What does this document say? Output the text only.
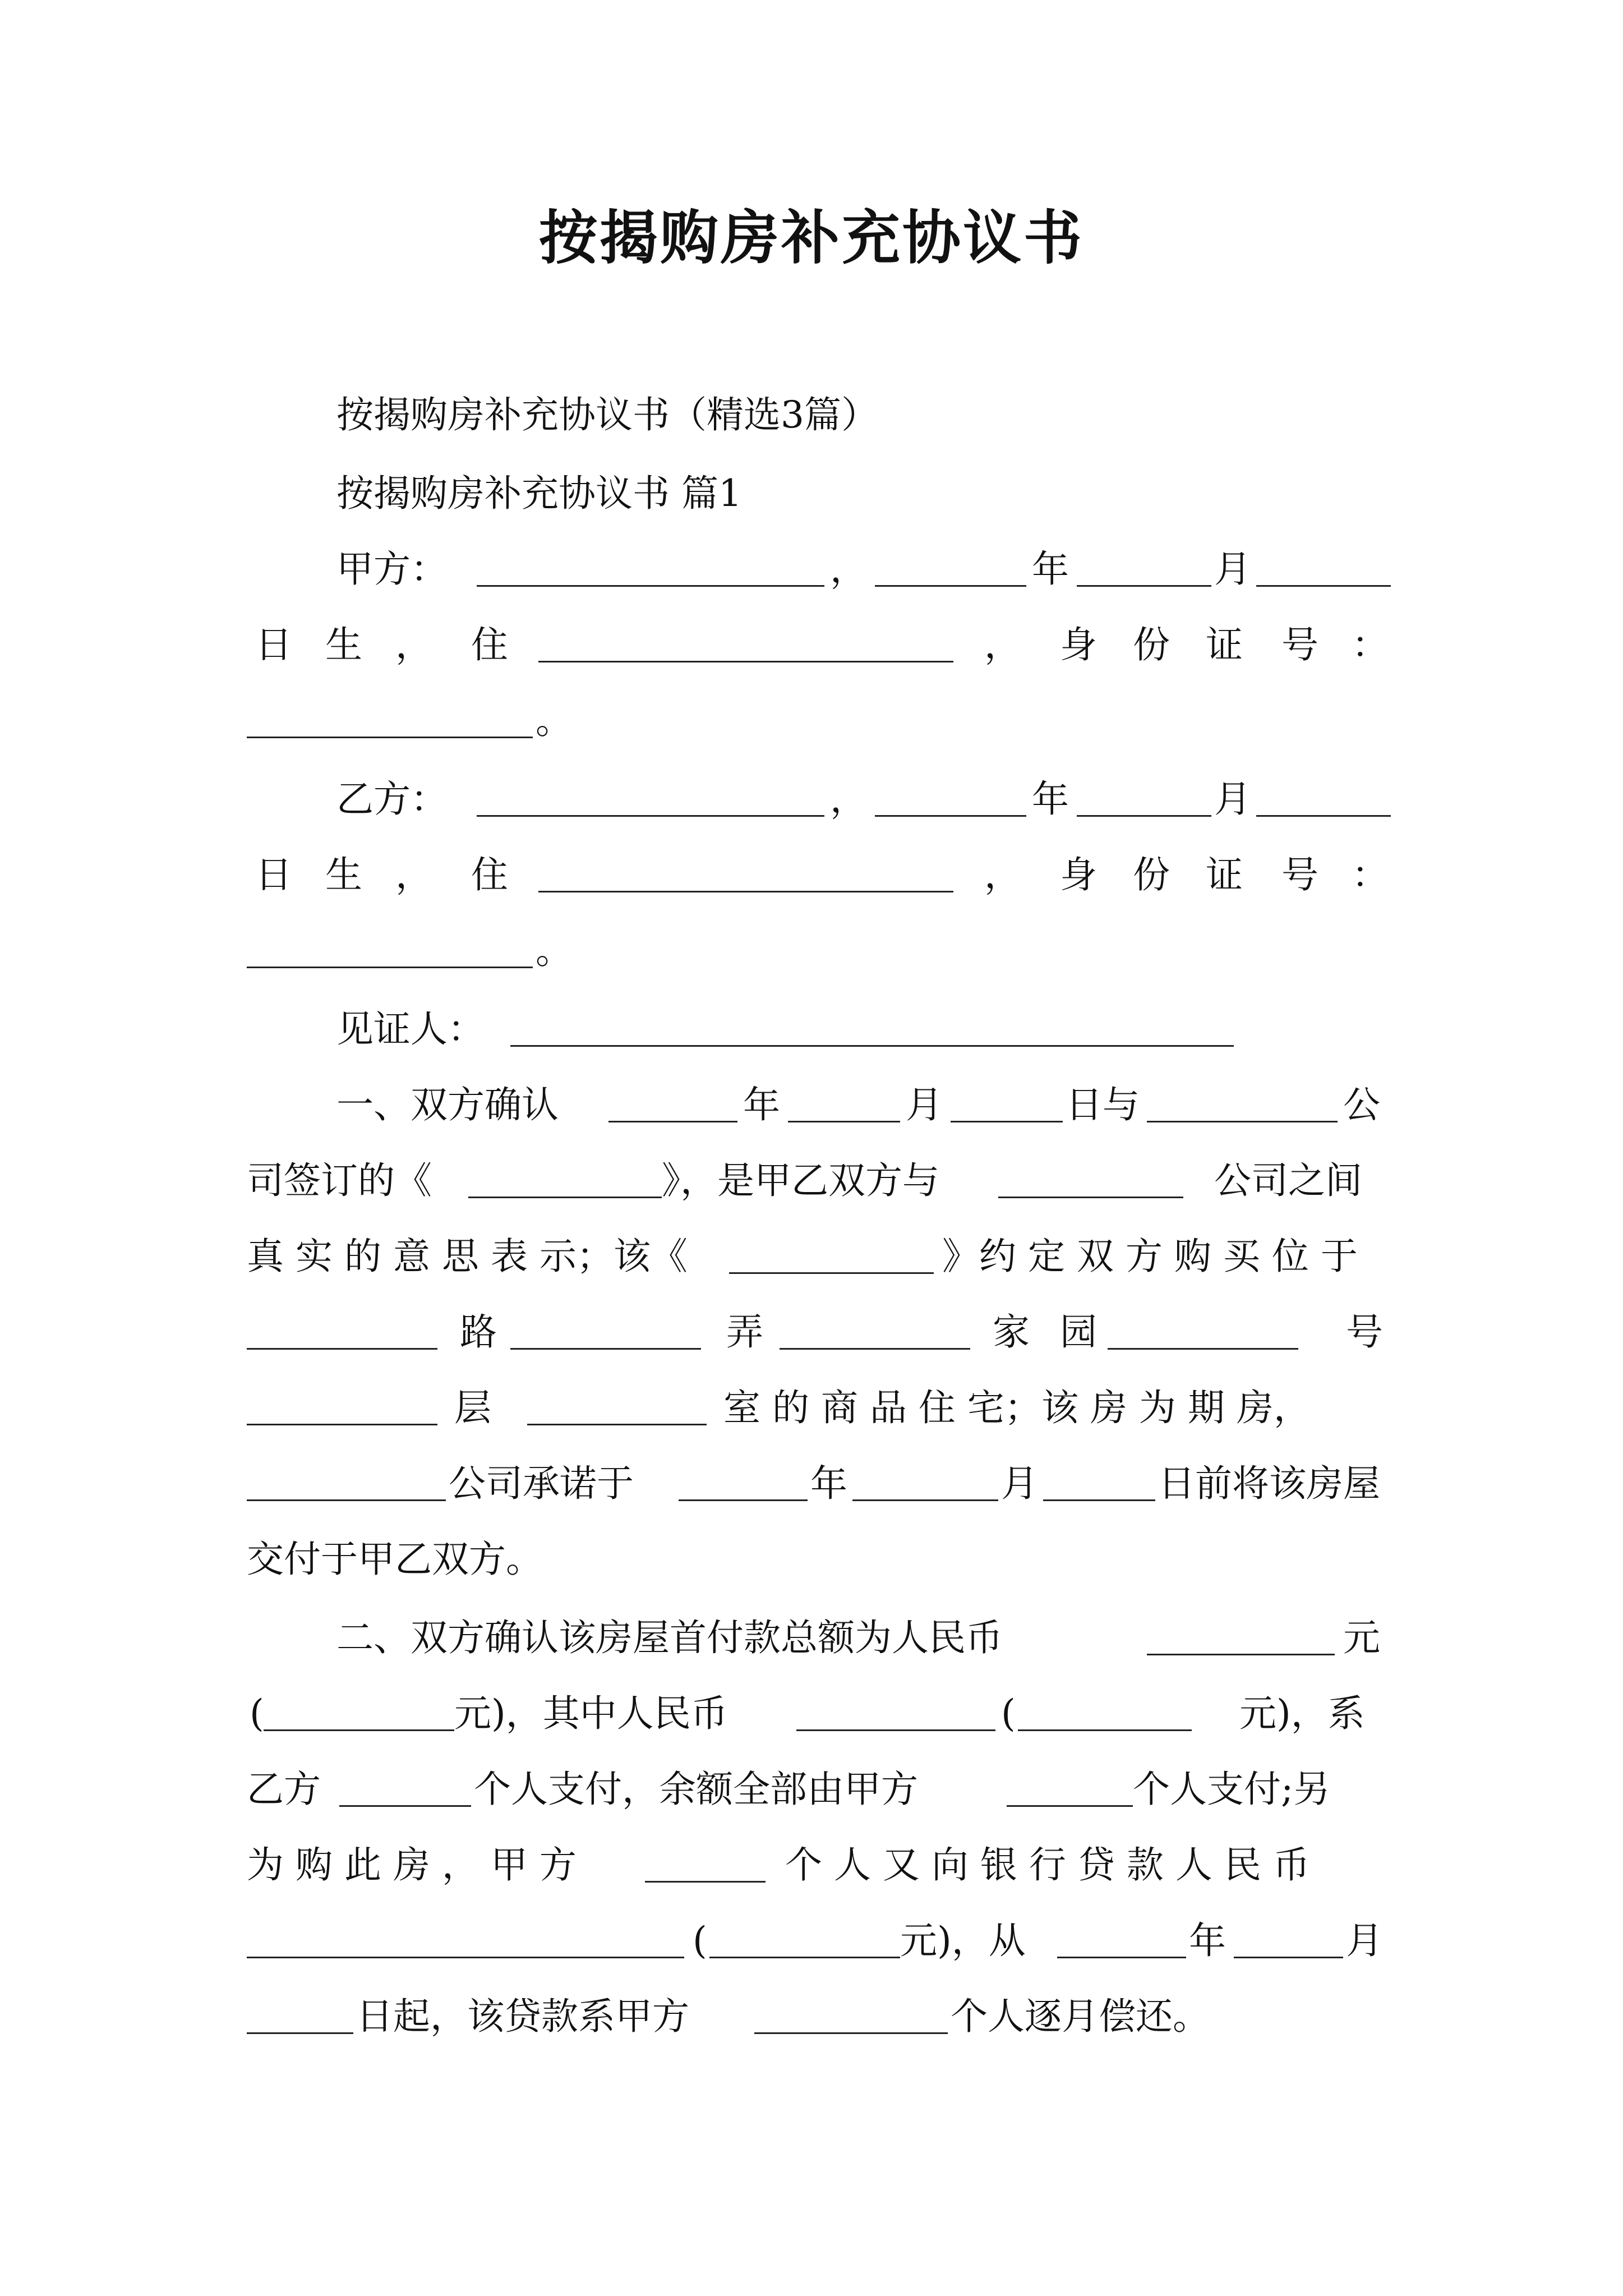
按揭购房补充协议书
按揭购房补充协议书（精选3篇）
按揭购房补充协议书 篇1
甲方：	，	年	月
日 生 ， 住	， 身 份 证 号 ：
。
乙方：	，	年	月
日 生 ， 住	， 身 份 证 号 ：
。
见证人：
一、双方确认	年	月	日与	公
司签订的《	》，是甲乙双方与	公司之间
真 实 的 意 思 表 示；该《	》约 定 双 方 购 买 位 于
路	弄	家 园	号
层	室 的 商 品 住 宅；该 房 为 期 房，
公司承诺于	年	月	日前将该房屋
交付于甲乙双方。
二、双方确认该房屋首付款总额为人民币	元
(	元)，其中人民币	(	元)，系
乙方	个人支付，余额全部由甲方	个人支付;另
为 购 此 房 ， 甲 方	个 人 又 向 银 行 贷 款 人 民 币
(	元)，从	年	月
日起，该贷款系甲方	个人逐月偿还。
